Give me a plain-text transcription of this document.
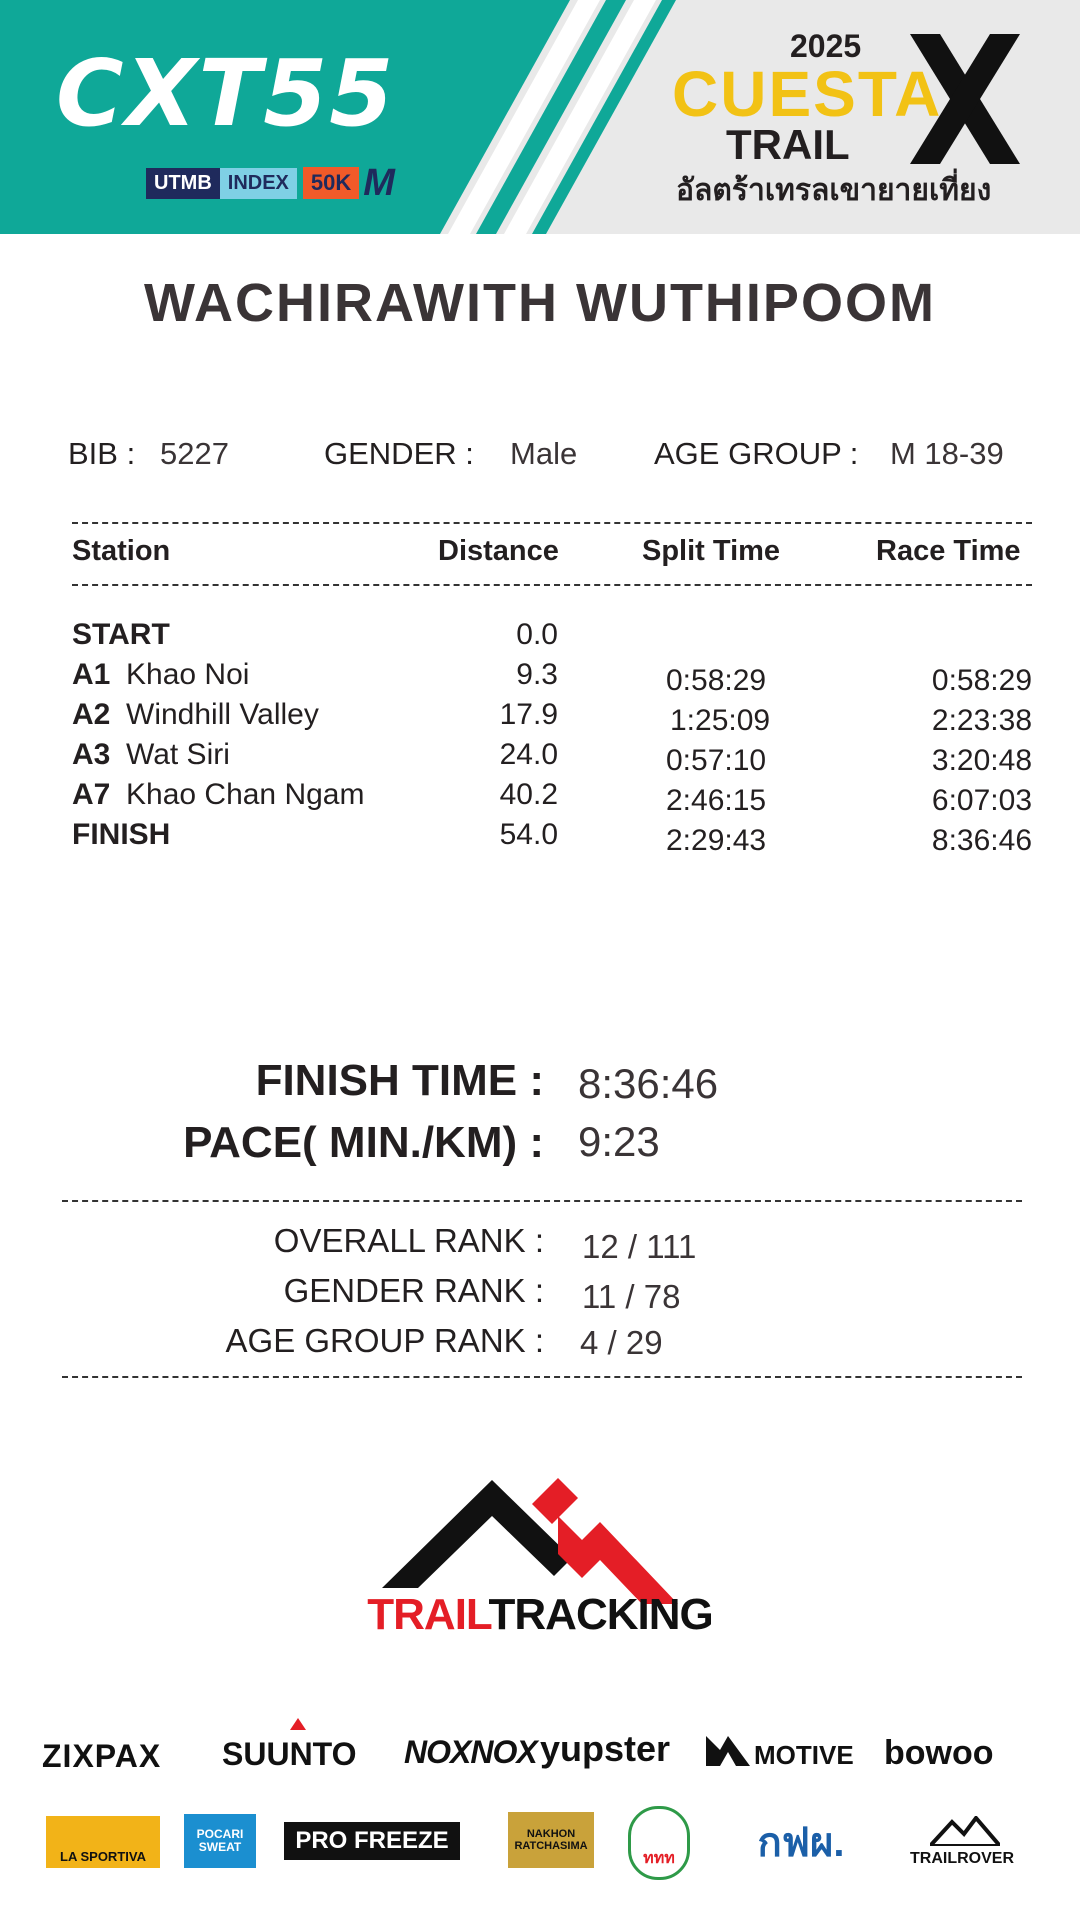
CXT55
UTMB INDEX	50K M
2025
CUESTA
TRAIL
อัลตร้าเทรลเขายายเที่ยง
WACHIRAWITH WUTHIPOOM
BIB : 5227	GENDER : Male AGE GROUP : M 18-39
Station	Distance	Split Time	Race Time
START	0.0
A1 Khao Noi	9.3	0:58:29	0:58:29
A2 Windhill Valley	17.9	1:25:09	2:23:38
A3 Wat Siri	24.0	0:57:10	3:20:48
A7 Khao Chan Ngam	40.2	2:46:15	6:07:03
FINISH	54.0	2:29:43	8:36:46
FINISH TIME : 8:36:46
PACE( MIN./KM) : 9:23
OVERALL RANK : 12 / 111
GENDER RANK : 11 / 78
AGE GROUP RANK : 4 / 29
TRAILTRACKING
ZIXPAX SUUNTO NOXNOX yupster	MOTIVE bowoo
LA SPORTIVA
POCARI SWEAT	PRO FREEZE	NAKHON RATCHASIMA
ททท	กฟผ.	TRAILROVER
